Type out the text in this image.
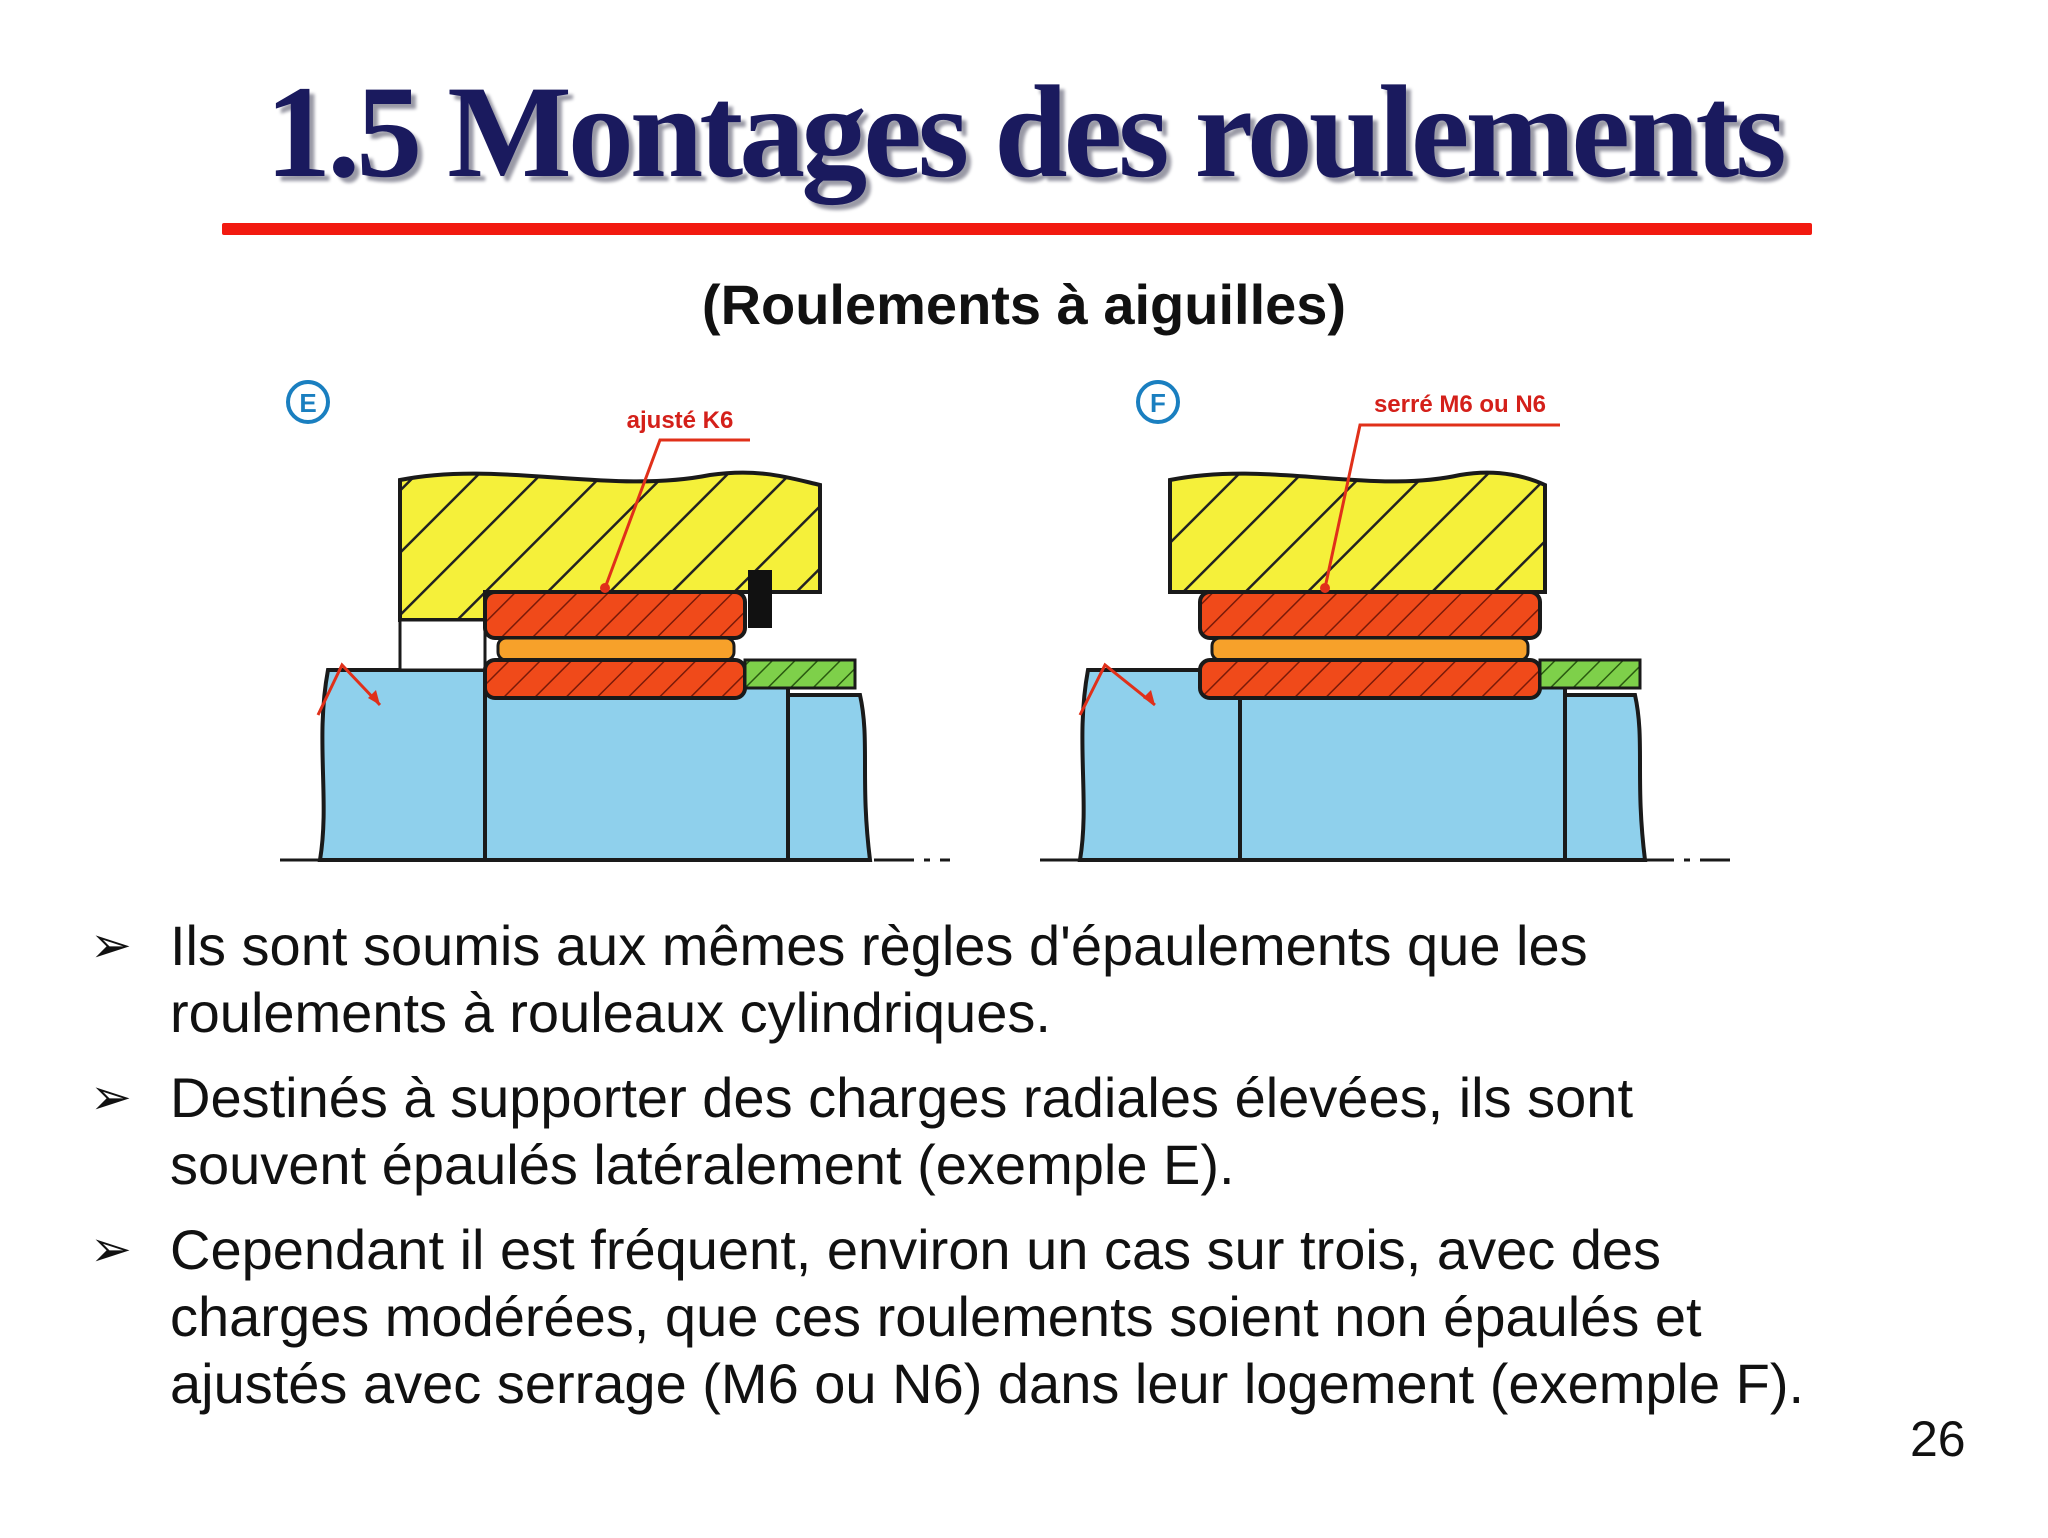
1.5 Montages des roulements
(Roulements à aiguilles)
E
ajusté K6
F	serré M6 ou N6
➢ Ils sont soumis aux mêmes règles d'épaulements que les
roulements à rouleaux cylindriques.
➢ Destinés à supporter des charges radiales élevées, ils sont
souvent épaulés latéralement (exemple E).
➢ Cependant il est fréquent, environ un cas sur trois, avec des
charges modérées, que ces roulements soient non épaulés et
ajustés avec serrage (M6 ou N6) dans leur logement (exemple F).
26
